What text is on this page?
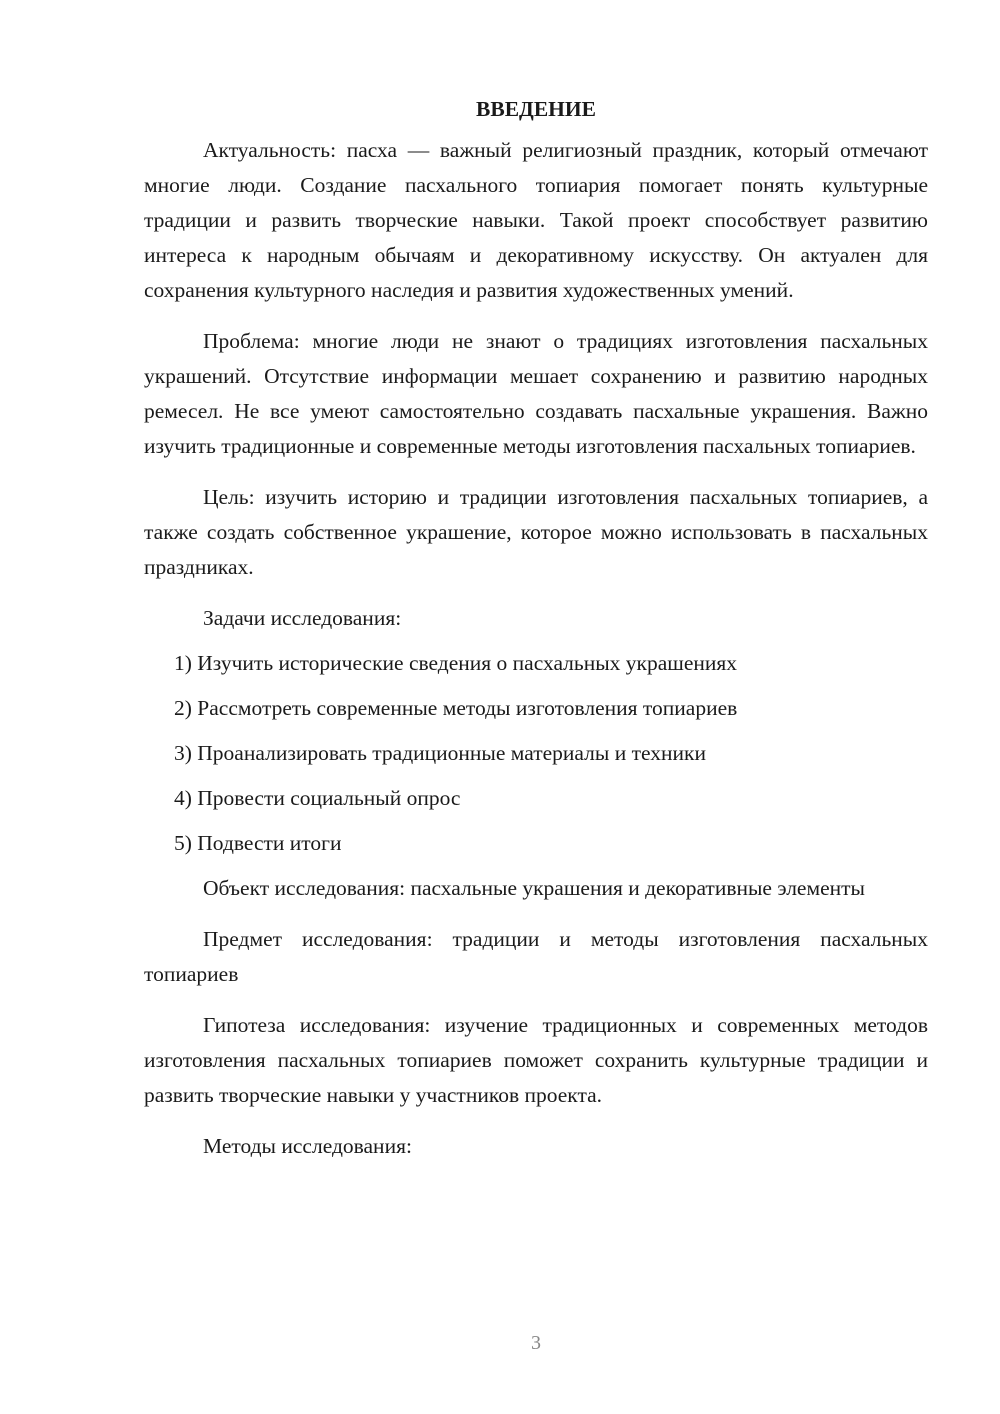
ВВЕДЕНИЕ

Актуальность: пасха — важный религиозный праздник, который отмечают многие люди. Создание пасхального топиария помогает понять культурные традиции и развить творческие навыки. Такой проект способствует развитию интереса к народным обычаям и декоративному искусству. Он актуален для сохранения культурного наследия и развития художественных умений.

Проблема: многие люди не знают о традициях изготовления пасхальных украшений. Отсутствие информации мешает сохранению и развитию народных ремесел. Не все умеют самостоятельно создавать пасхальные украшения. Важно изучить традиционные и современные методы изготовления пасхальных топиариев.

Цель: изучить историю и традиции изготовления пасхальных топиариев, а также создать собственное украшение, которое можно использовать в пасхальных праздниках.

Задачи исследования:

1) Изучить исторические сведения о пасхальных украшениях
2) Рассмотреть современные методы изготовления топиариев
3) Проанализировать традиционные материалы и техники
4) Провести социальный опрос
5) Подвести итоги

Объект исследования: пасхальные украшения и декоративные элементы

Предмет исследования: традиции и методы изготовления пасхальных топиариев

Гипотеза исследования: изучение традиционных и современных методов изготовления пасхальных топиариев поможет сохранить культурные традиции и развить творческие навыки у участников проекта.

Методы исследования:

3
